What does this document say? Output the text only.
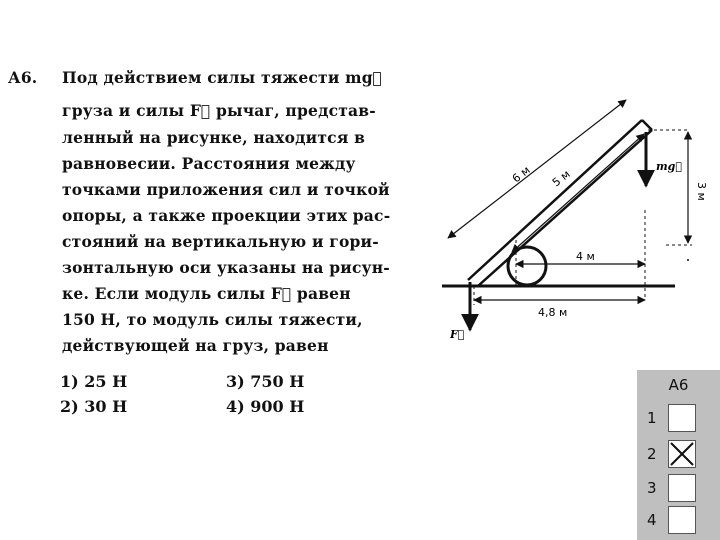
А6. Под действием силы тяжести mg⃗
груза и силы F⃗ рычаг, представ-
ленный на рисунке, находится в
равновесии. Расстояния между
точками приложения сил и точкой
опоры, а также проекции этих рас-
стояний на вертикальную и гори-
зонтальную оси указаны на рисун-
ке. Если модуль силы F⃗ равен
150 Н, то модуль силы тяжести,
действующей на груз, равен
1) 25 Н
2) 30 Н
3) 750 Н
4) 900 Н
6 м 5 м
4 м
4,8 м
3 м
mg⃗
F⃗
А6
1
2
3
4
